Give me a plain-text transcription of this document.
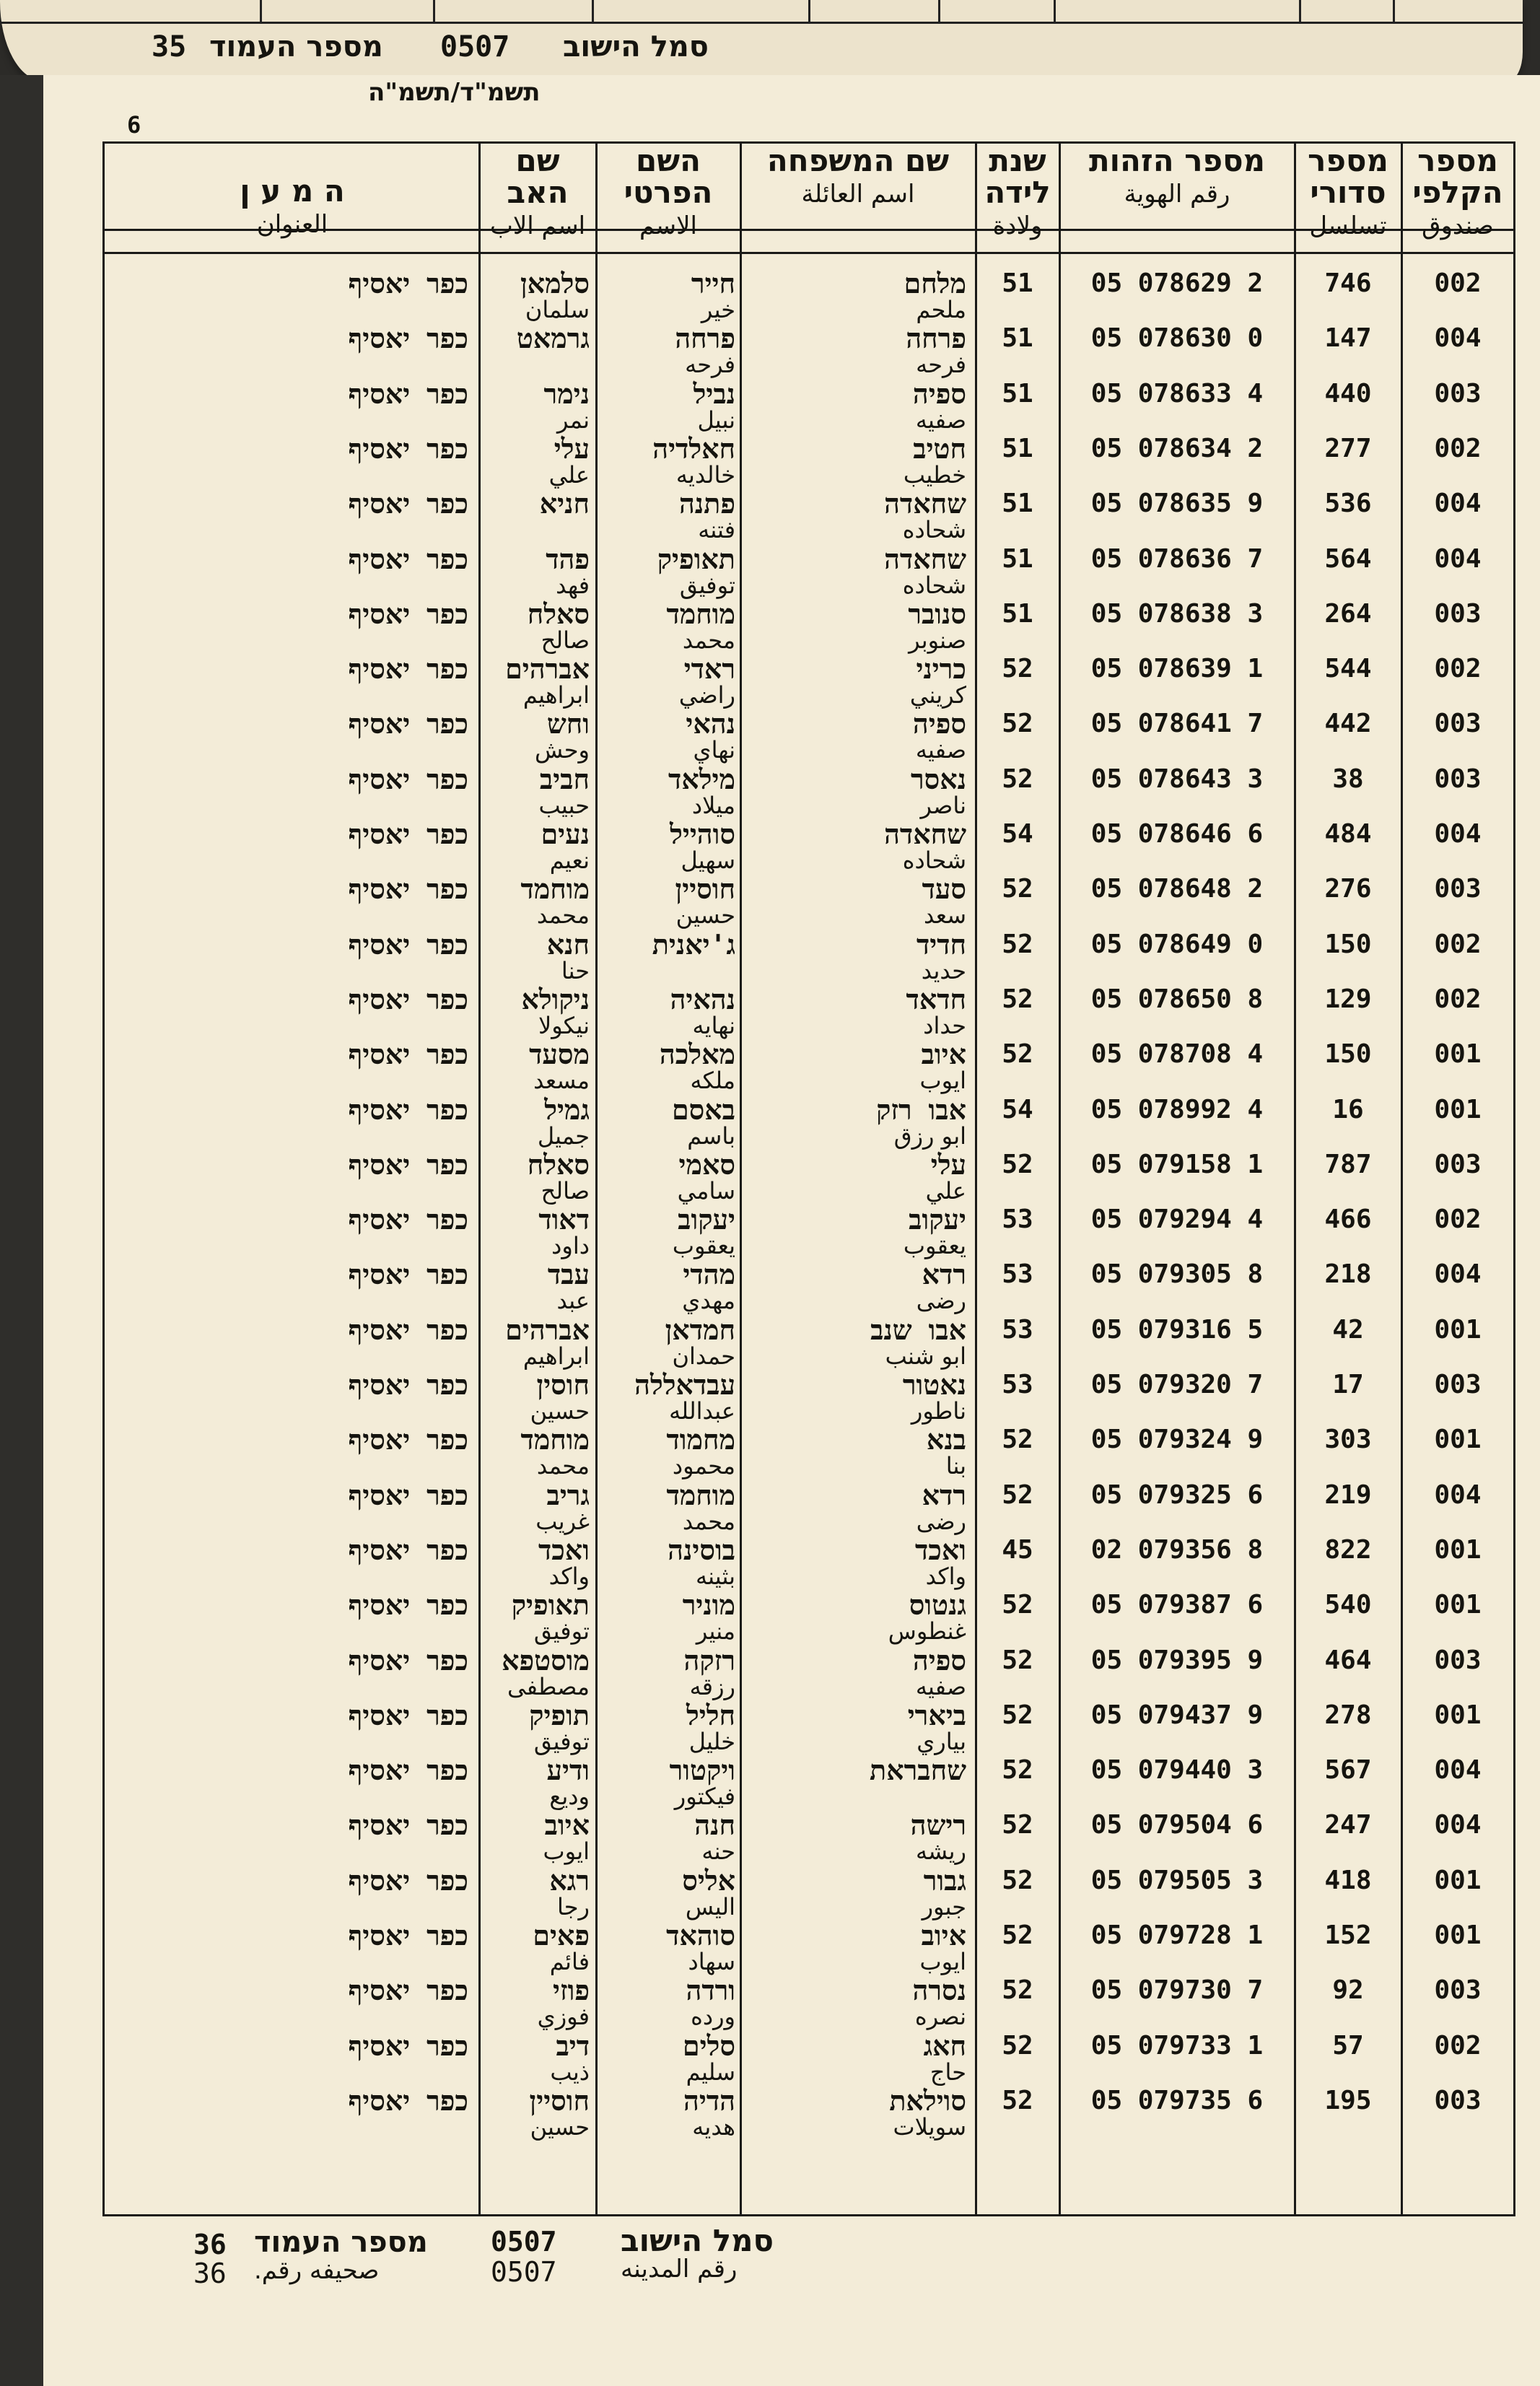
35 מספר העמוד 0507 סמל הישוב
תשמ"ד/תשמ"ה
6
מספר הקלפי
صندوق
מספר סדורי
تسلسل
מספר הזהות
رقم الهوية
שנת לידה
ولادة
שם המשפחה
اسم العائلة
השם הפרטי
الاسم
שם האב
اسم الاب
ה מ ע ן
العنوان
002
746
05 078629 2
51
מלחם
ملحم
חייר
خير
סלמאן
سلمان
כפר יאסיף
004
147
05 078630 0
51
פרחה
فرحه
פרחה
فرحه
גרמאט
כפר יאסיף
003
440
05 078633 4
51
ספיה
صفيه
נביל
نبيل
נימר
نمر
כפר יאסיף
002
277
05 078634 2
51
חטיב
خطيب
חאלדיה
خالديه
עלי
علي
כפר יאסיף
004
536
05 078635 9
51
שחאדה
شحاده
פתנה
فتنه
חניא
כפר יאסיף
004
564
05 078636 7
51
שחאדה
شحاده
תאופיק
توفيق
פהד
فهد
כפר יאסיף
003
264
05 078638 3
51
סנובר
صنوبر
מוחמד
محمد
סאלח
صالح
כפר יאסיף
002
544
05 078639 1
52
כריני
كريني
ראדי
راضي
אברהים
ابراهيم
כפר יאסיף
003
442
05 078641 7
52
ספיה
صفيه
נהאי
نهاي
וחש
وحش
כפר יאסיף
003
38
05 078643 3
52
נאסר
ناصر
מילאד
ميلاد
חביב
حبيب
כפר יאסיף
004
484
05 078646 6
54
שחאדה
شحاده
סוהייל
سهيل
נעים
نعيم
כפר יאסיף
003
276
05 078648 2
52
סעד
سعد
חוסיין
حسين
מוחמד
محمد
כפר יאסיף
002
150
05 078649 0
52
חדיד
حديد
ג'יאנית
חנא
حنا
כפר יאסיף
002
129
05 078650 8
52
חדאד
حداد
נהאיה
نهايه
ניקולא
نيكولا
כפר יאסיף
001
150
05 078708 4
52
איוב
ايوب
מאלכה
ملكه
מסעד
مسعد
כפר יאסיף
001
16
05 078992 4
54
אבו רזק
ابو رزق
באסם
باسم
גמיל
جميل
כפר יאסיף
003
787
05 079158 1
52
עלי
علي
סאמי
سامي
סאלח
صالح
כפר יאסיף
002
466
05 079294 4
53
יעקוב
يعقوب
יעקוב
يعقوب
דאוד
داود
כפר יאסיף
004
218
05 079305 8
53
רדא
رضى
מהדי
مهدي
עבד
عبد
כפר יאסיף
001
42
05 079316 5
53
אבו שנב
ابو شنب
חמדאן
حمدان
אברהים
ابراهيم
כפר יאסיף
003
17
05 079320 7
53
נאטור
ناطور
עבדאללה
عبدالله
חוסין
حسين
כפר יאסיף
001
303
05 079324 9
52
בנא
بنا
מחמוד
محمود
מוחמד
محمد
כפר יאסיף
004
219
05 079325 6
52
רדא
رضى
מוחמד
محمد
גריב
غريب
כפר יאסיף
001
822
02 079356 8
45
ואכד
واكد
בוסינה
بثينه
ואכד
واكد
כפר יאסיף
001
540
05 079387 6
52
גנטוס
غنطوس
מוניר
منير
תאופיק
توفيق
כפר יאסיף
003
464
05 079395 9
52
ספיה
صفيه
רזקה
رزقه
מוסטפא
مصطفى
כפר יאסיף
001
278
05 079437 9
52
ביארי
بياري
חליל
خليل
תופיק
توفيق
כפר יאסיף
004
567
05 079440 3
52
שחבראת
ויקטור
فيكتور
ודיע
وديع
כפר יאסיף
004
247
05 079504 6
52
רישה
ريشه
חנה
حنه
איוב
ايوب
כפר יאסיף
001
418
05 079505 3
52
גבור
جبور
אליס
اليس
רגא
رجا
כפר יאסיף
001
152
05 079728 1
52
איוב
ايوب
סוהאד
سهاد
פאים
فائم
כפר יאסיף
003
92
05 079730 7
52
נסרה
نصره
ורדה
ورده
פוזי
فوزي
כפר יאסיף
002
57
05 079733 1
52
חאג
حاج
סלים
سليم
דיב
ذيب
כפר יאסיף
003
195
05 079735 6
52
סוילאת
سويلات
הדיה
هديه
חוסיין
حسين
כפר יאסיף
36 מספר העמוד 0507 סמל הישוב
36 صحيفه رقم.	0507	رقم المدينه
